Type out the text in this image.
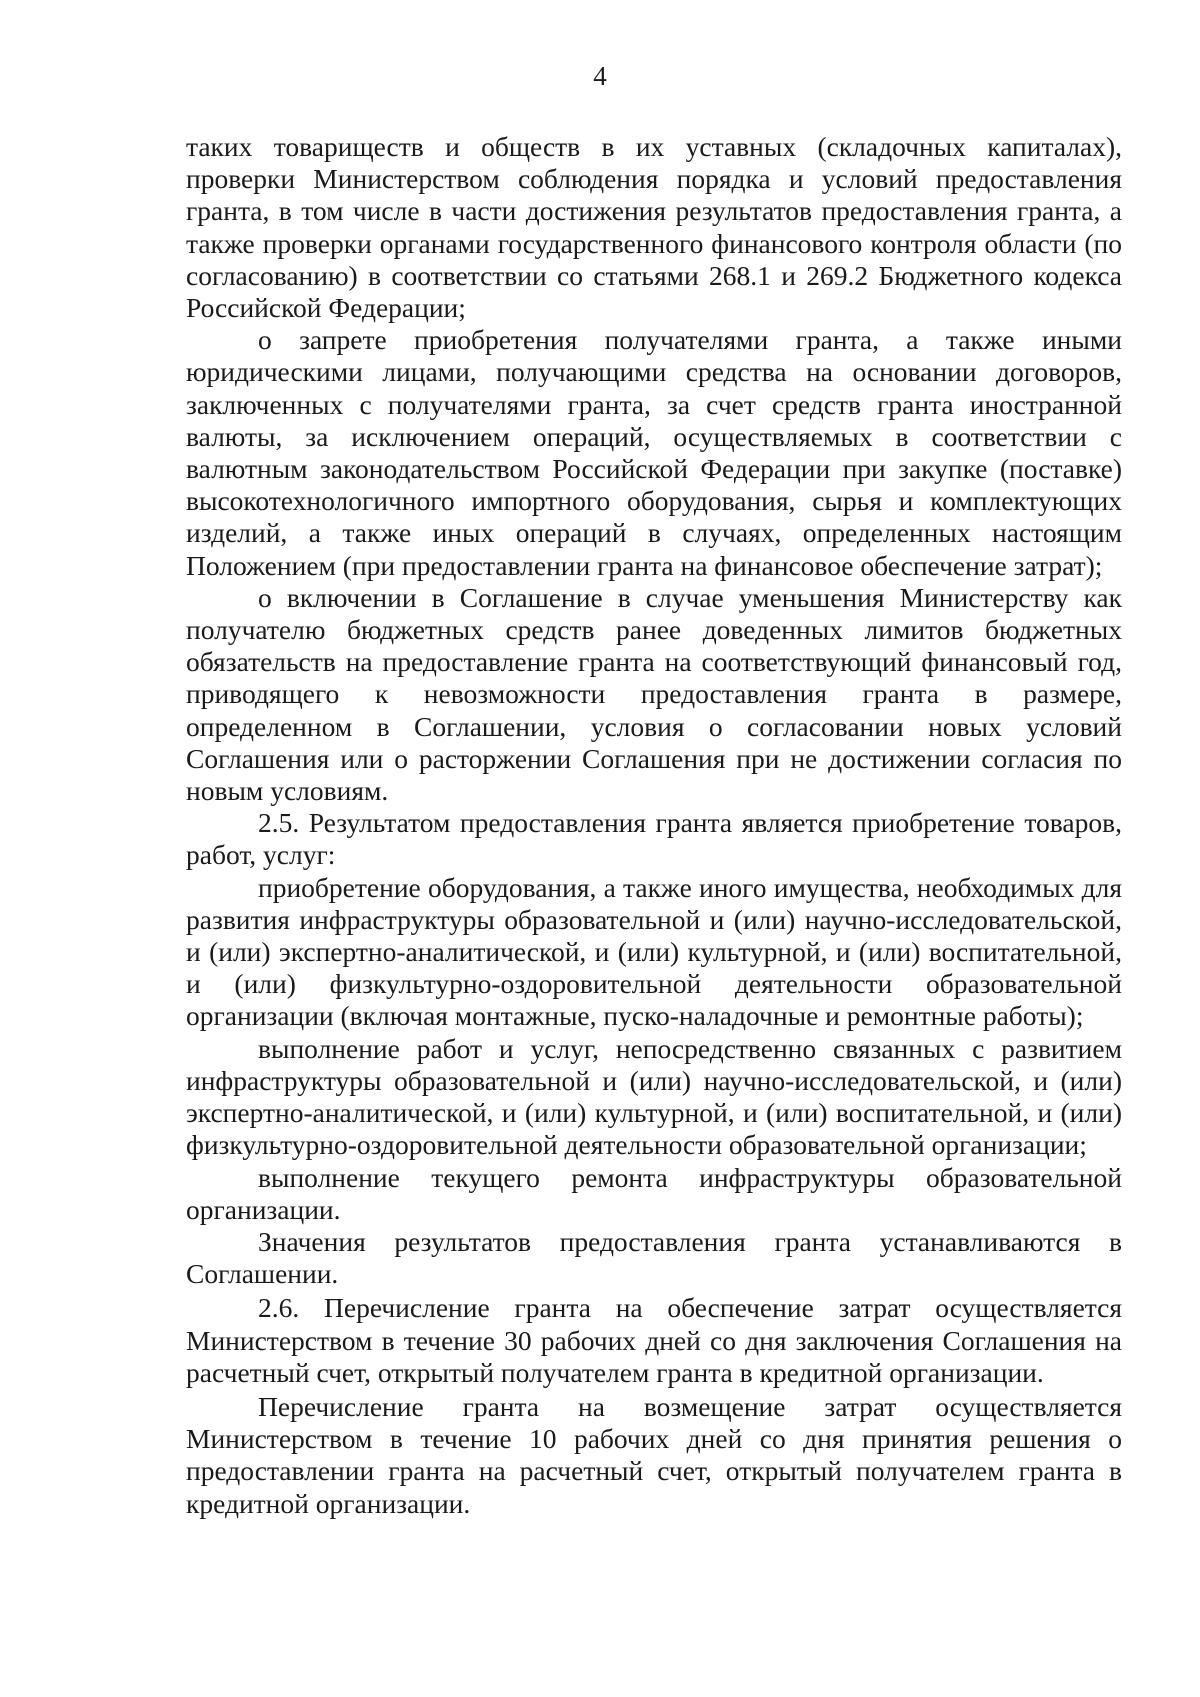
4

таких товариществ и обществ в их уставных (складочных капиталах), проверки Министерством соблюдения порядка и условий предоставления гранта, в том числе в части достижения результатов предоставления гранта, а также проверки органами государственного финансового контроля области (по согласованию) в соответствии со статьями 268.1 и 269.2 Бюджетного кодекса Российской Федерации;

о запрете приобретения получателями гранта, а также иными юридическими лицами, получающими средства на основании договоров, заключенных с получателями гранта, за счет средств гранта иностранной валюты, за исключением операций, осуществляемых в соответствии с валютным законодательством Российской Федерации при закупке (поставке) высокотехнологичного импортного оборудования, сырья и комплектующих изделий, а также иных операций в случаях, определенных настоящим Положением (при предоставлении гранта на финансовое обеспечение затрат);

о включении в Соглашение в случае уменьшения Министерству как получателю бюджетных средств ранее доведенных лимитов бюджетных обязательств на предоставление гранта на соответствующий финансовый год, приводящего к невозможности предоставления гранта в размере, определенном в Соглашении, условия о согласовании новых условий Соглашения или о расторжении Соглашения при не достижении согласия по новым условиям.

2.5. Результатом предоставления гранта является приобретение товаров, работ, услуг:

приобретение оборудования, а также иного имущества, необходимых для развития инфраструктуры образовательной и (или) научно-исследовательской, и (или) экспертно-аналитической, и (или) культурной, и (или) воспитательной, и (или) физкультурно-оздоровительной деятельности образовательной организации (включая монтажные, пуско-наладочные и ремонтные работы);

выполнение работ и услуг, непосредственно связанных с развитием инфраструктуры образовательной и (или) научно-исследовательской, и (или) экспертно-аналитической, и (или) культурной, и (или) воспитательной, и (или) физкультурно-оздоровительной деятельности образовательной организации;

выполнение текущего ремонта инфраструктуры образовательной организации.

Значения результатов предоставления гранта устанавливаются в Соглашении.

2.6. Перечисление гранта на обеспечение затрат осуществляется Министерством в течение 30 рабочих дней со дня заключения Соглашения на расчетный счет, открытый получателем гранта в кредитной организации.

Перечисление гранта на возмещение затрат осуществляется Министерством в течение 10 рабочих дней со дня принятия решения о предоставлении гранта на расчетный счет, открытый получателем гранта в кредитной организации.
